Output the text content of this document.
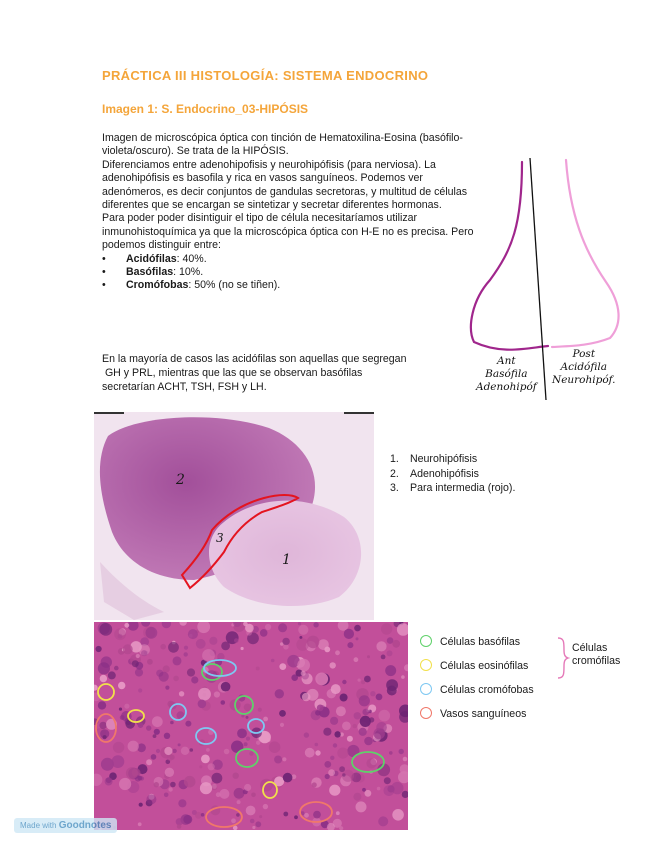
PRÁCTICA III HISTOLOGÍA: SISTEMA ENDOCRINO
Imagen 1: S. Endocrino_03-HIPÓSIS

Imagen de microscópica óptica con tinción de Hematoxilina-Eosina (basófilo-violeta/oscuro). Se trata de la HIPÓSIS.

Diferenciamos entre adenohipofisis y neurohipófisis (para nerviosa). La adenohipófisis es basofila y rica en vasos sanguíneos. Podemos ver adenómeros, es decir conjuntos de gandulas secretoras, y multitud de células diferentes que se encargan se sintetizar y secretar diferentes hormonas.

Para poder poder disintiguir el tipo de célula necesitaríamos utilizar inmunohistoquímica ya que la microscópica óptica con H-E no es precisa. Pero podemos distinguir entre:

• Acidófilas: 40%.
• Basófilas: 10%.
• Cromófobas: 50% (no se tiñen).

En la mayoría de casos las acidófilas son aquellas que segregan

GH y PRL, mientras que las que se observan basófilas

secretarían ACHT, TSH, FSH y LH.

Ant
Basófila
Adenohipóf
Post
Acidófila
Neurohipóf.
2
3
1
1.	Neurohipófisis
2.	Adenohipófisis
3.	Para intermedia (rojo).
Células basófilas
Células eosinófilas
Células cromófobas
Vasos sanguíneos
Células cromófilas
Made with Goodnotes
